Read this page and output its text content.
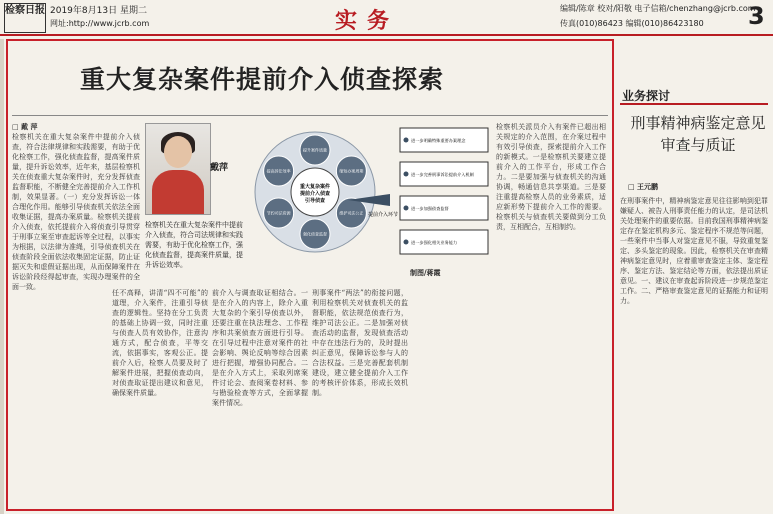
检察日报 2019年8月13日 星期二
网址:http://www.jcrb.com	实务	编辑/陈章 校对/阳敬 电子信箱/chenzhang@jcrb.com
传真(010)86423 编辑(010)86423180 3
重大复杂案件提前介入侦查探索
□ 戴 萍
检察机关在重大复杂案件中提前介入侦查，符合法律规律和实践需要，有助于优化检察工作，强化侦查监督，提高案件质量，提升诉讼效率，近年来，基层检察机关在侦查重大复杂案件时，充分发挥侦查监督职能，不断健全完善提前介入工作机制，效果显著。（一）充分发挥诉讼一体合理化作用。能够引导侦查机关依法全面收集证据，提高办案质量。检察机关提前介入侦查，依托提前介入将侦查引导贯穿于刑事立案至审查起诉等全过程，以事实为根据，以法律为准绳，引导侦查机关在侦查阶段全面依法收集固定证据，防止证据灭失和虚假证据出现，从而保障案件在诉讼阶段经得起审查，实现办理案件的全面一致。
戴萍
检察机关在重大复杂案件中提前介入侦查，符合司法规律和实践需要，有助于优化检察工作，强化侦查监督，提高案件质量，提升诉讼效率。
提升案件质量
缩短办案周期
维护司法公正
强化侦查监督
节约司法资源
提高诉讼效率
重大复杂案件
提前介入侦查
引导侦查
提前介入环节
进一步明确特殊重要办案理念
进一步完善刑事诉讼提前介入机制
进一步加强侦查监督
进一步强化相关业务能力
制图/蒋霞
任不高释，讲清“四不可能”的道理，介入案件，注重引导侦查的逻辑性。坚持在分工负责的基础上协调一致，同时注重与侦查人员有效协作，注意沟通方式，配合侦查，平等交流，依据事实，客观公正。提前介入后，检察人员要及时了解案件进展，把握侦查动向，对侦查取证提出建议和意见，确保案件质量。
前介入与调查取证相结合。一是在介入的内容上，除介入重大复杂的个案引导侦查以外，还要注重在执法理念、工作程序和共案侦查方面进行引导。在引导过程中注意对案件的社会影响、舆论反响等综合因素进行把握，增强协同配合。二是在介入方式上，采取列席案件讨论会、查阅案卷材料、参与勘验检查等方式，全面掌握案件情况。
刑事案件“两法”的衔接问题，利用检察机关对侦查机关的监督职能，依法规范侦查行为，维护司法公正。二是加强对侦查活动的监督，发现侦查活动中存在违法行为的，及时提出纠正意见，保障诉讼参与人的合法权益。三是完善配套机制建设，建立健全提前介入工作的考核评价体系，形成长效机制。
检察机关派员介入有案件已超出相关规定的介入范围，在介案过程中有效引导侦查，探索提前介入工作的新模式。一是检察机关要建立提前介入的工作平台，形成工作合力。二是要加强与侦查机关的沟通协调，畅通信息共享渠道。三是要注重提高检察人员的业务素质，适应新形势下提前介入工作的需要。检察机关与侦查机关要做到分工负责，互相配合，互相制约。
业务探讨
刑事精神病鉴定意见
审查与质证
□ 王元鹏
在刑事案件中，精神病鉴定意见往往影响到犯罪嫌疑人、被告人刑事责任能力的认定，是司法机关处理案件的重要依据。目前我国刑事精神病鉴定存在鉴定机构多元、鉴定程序不规范等问题，一些案件中当事人对鉴定意见不服，导致重复鉴定、多头鉴定的现象。因此，检察机关在审查精神病鉴定意见时，应着重审查鉴定主体、鉴定程序、鉴定方法、鉴定结论等方面，依法提出质证意见。一、建议在审查起诉阶段进一步规范鉴定工作。二、严格审查鉴定意见的证据能力和证明力。
